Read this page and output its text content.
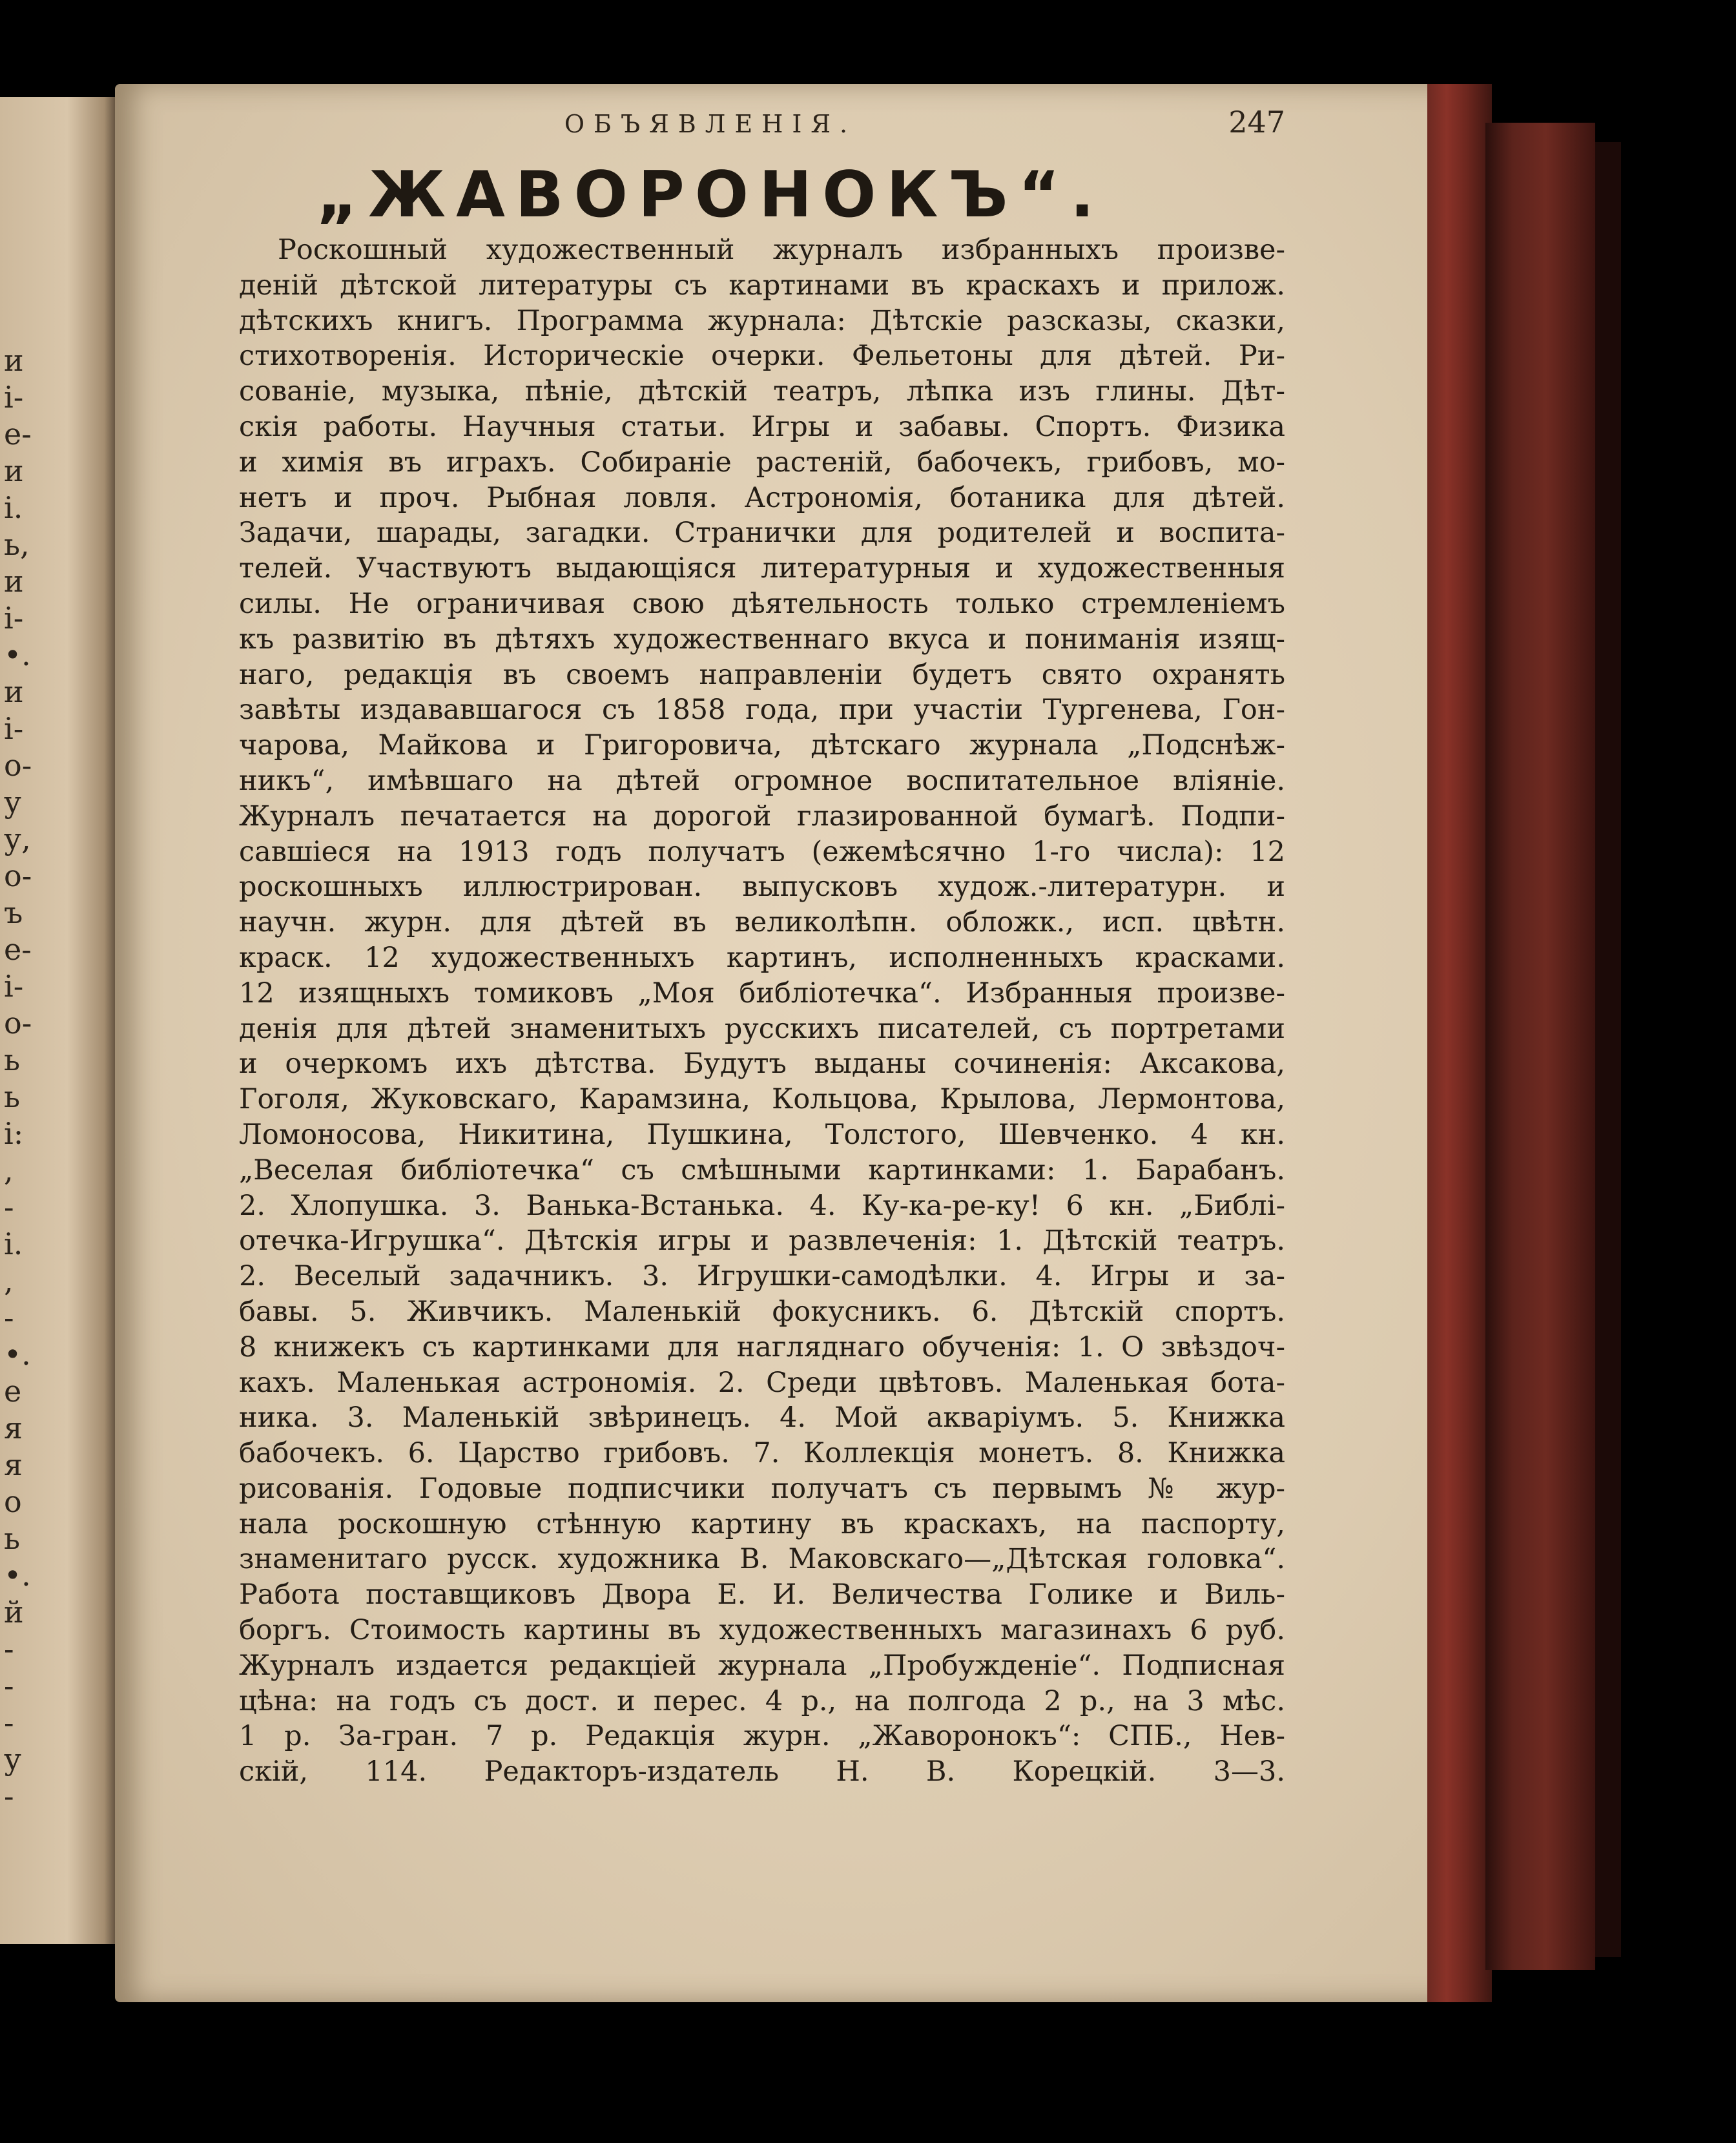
и
і-
е-
и
і.
ь,
и
і-
•.
и
і-
о-
у
у,
о-
ъ
е-
і-
о-
ь
ь
і:
,
-
і.
,
-
•.
е
я
я
о
ь
•.
й
-
-
-
у
-
ОБЪЯВЛЕНІЯ.	247
„ЖАВОРОНОКЪ“.
Роскошный художественный журналъ избранныхъ произве-
деній дѣтской литературы съ картинами въ краскахъ и прилож.
дѣтскихъ книгъ. Программа журнала: Дѣтскіе разсказы, сказки,
стихотворенія. Историческіе очерки. Фельетоны для дѣтей. Ри-
сованіе, музыка, пѣніе, дѣтскій театръ, лѣпка изъ глины. Дѣт-
скія работы. Научныя статьи. Игры и забавы. Спортъ. Физика
и химія въ играхъ. Собираніе растеній, бабочекъ, грибовъ, мо-
нетъ и проч. Рыбная ловля. Астрономія, ботаника для дѣтей.
Задачи, шарады, загадки. Странички для родителей и воспита-
телей. Участвуютъ выдающіяся литературныя и художественныя
силы. Не ограничивая свою дѣятельность только стремленіемъ
къ развитію въ дѣтяхъ художественнаго вкуса и пониманія изящ-
наго, редакція въ своемъ направленіи будетъ свято охранять
завѣты издававшагося съ 1858 года, при участіи Тургенева, Гон-
чарова, Майкова и Григоровича, дѣтскаго журнала „Подснѣж-
никъ“, имѣвшаго на дѣтей огромное воспитательное вліяніе.
Журналъ печатается на дорогой глазированной бумагѣ. Подпи-
савшіеся на 1913 годъ получатъ (ежемѣсячно 1-го числа): 12
роскошныхъ иллюстрирован. выпусковъ худож.-литературн. и
научн. журн. для дѣтей въ великолѣпн. обложк., исп. цвѣтн.
краск. 12 художественныхъ картинъ, исполненныхъ красками.
12 изящныхъ томиковъ „Моя библіотечка“. Избранныя произве-
денія для дѣтей знаменитыхъ русскихъ писателей, съ портретами
и очеркомъ ихъ дѣтства. Будутъ выданы сочиненія: Аксакова,
Гоголя, Жуковскаго, Карамзина, Кольцова, Крылова, Лермонтова,
Ломоносова, Никитина, Пушкина, Толстого, Шевченко. 4 кн.
„Веселая библіотечка“ съ смѣшными картинками: 1. Барабанъ.
2. Хлопушка. 3. Ванька-Встанька. 4. Ку-ка-ре-ку! 6 кн. „Библі-
отечка-Игрушка“. Дѣтскія игры и развлеченія: 1. Дѣтскій театръ.
2. Веселый задачникъ. 3. Игрушки-самодѣлки. 4. Игры и за-
бавы. 5. Живчикъ. Маленькій фокусникъ. 6. Дѣтскій спортъ.
8 книжекъ съ картинками для нагляднаго обученія: 1. О звѣздоч-
кахъ. Маленькая астрономія. 2. Среди цвѣтовъ. Маленькая бота-
ника. 3. Маленькій звѣринецъ. 4. Мой акваріумъ. 5. Книжка
бабочекъ. 6. Царство грибовъ. 7. Коллекція монетъ. 8. Книжка
рисованія. Годовые подписчики получатъ съ первымъ № жур-
нала роскошную стѣнную картину въ краскахъ, на паспорту,
знаменитаго русск. художника В. Маковскаго—„Дѣтская головка“.
Работа поставщиковъ Двора Е. И. Величества Голике и Виль-
боргъ. Стоимость картины въ художественныхъ магазинахъ 6 руб.
Журналъ издается редакціей журнала „Пробужденіе“. Подписная
цѣна: на годъ съ дост. и перес. 4 р., на полгода 2 р., на 3 мѣс.
1 р. За-гран. 7 р. Редакція журн. „Жаворонокъ“: СПБ., Нев-
скій, 114. Редакторъ-издатель Н. В. Корецкій. 3—3.
